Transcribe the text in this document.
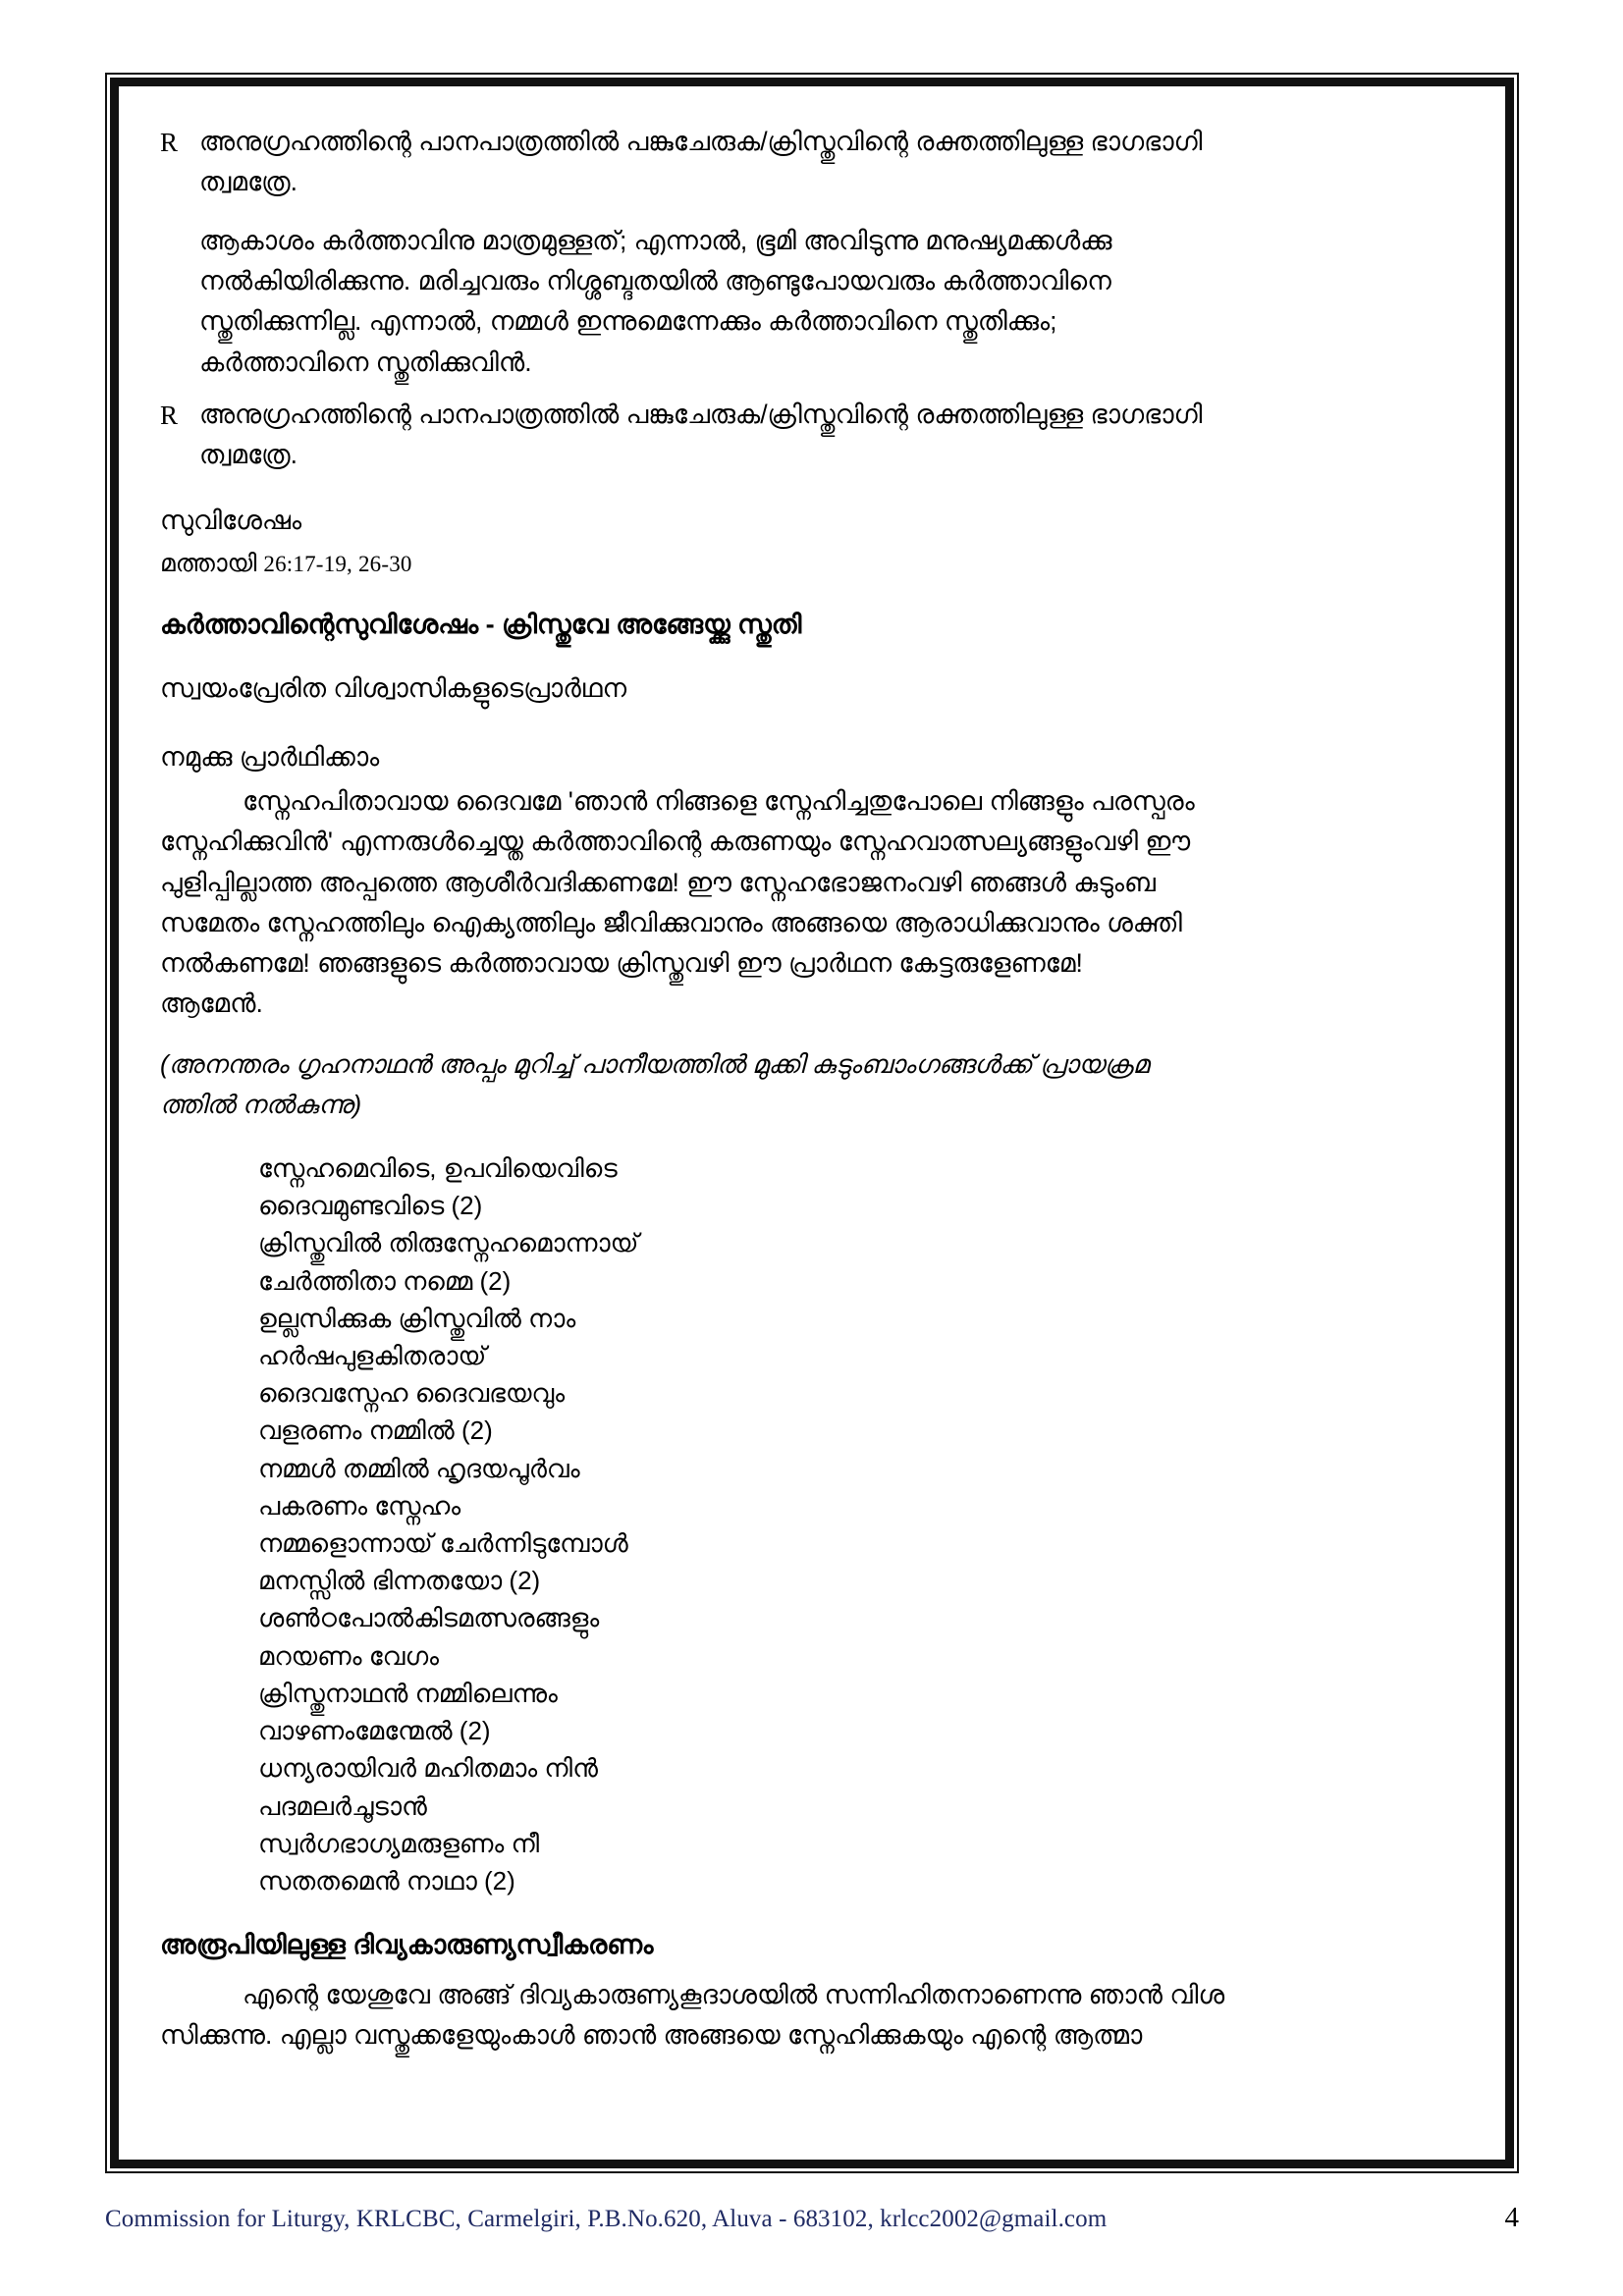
R അനുഗ്രഹത്തിന്റെ പാനപാത്രത്തില്‍ പങ്കുചേരുക/ക്രിസ്തുവിന്റെ രക്തത്തിലുള്ള ഭാഗഭാഗി
ത്വമത്രേ.
ആകാശം കര്‍ത്താവിനു മാത്രമുള്ളത്; എന്നാല്‍, ഭൂമി അവിടുന്നു മനുഷ്യമക്കള്‍ക്കു
നല്‍കിയിരിക്കുന്നു. മരിച്ചവരും നിശ്ശബ്ദതയില്‍ ആണ്ടുപോയവരും കര്‍ത്താവിനെ
സ്തുതിക്കുന്നില്ല. എന്നാല്‍, നമ്മള്‍ ഇന്നുമെന്നേക്കും കര്‍ത്താവിനെ സ്തുതിക്കും;
കര്‍ത്താവിനെ സ്തുതിക്കുവിന്‍.
R അനുഗ്രഹത്തിന്റെ പാനപാത്രത്തില്‍ പങ്കുചേരുക/ക്രിസ്തുവിന്റെ രക്തത്തിലുള്ള ഭാഗഭാഗി
ത്വമത്രേ.
സുവിശേഷം
മത്തായി 26:17-19, 26-30
കര്‍ത്താവിന്റെസുവിശേഷം - ക്രിസ്തുവേ അങ്ങേയ്ക്കു സ്തുതി
സ്വയംപ്രേരിത വിശ്വാസികളുടെപ്രാര്‍ഥന
നമുക്കു പ്രാര്‍ഥിക്കാം
സ്നേഹപിതാവായ ദൈവമേ 'ഞാന്‍ നിങ്ങളെ സ്നേഹിച്ചതുപോലെ നിങ്ങളും പരസ്പരം
സ്നേഹിക്കുവിന്‍' എന്നരുള്‍ച്ചെയ്ത കര്‍ത്താവിന്റെ കരുണയും സ്നേഹവാത്സല്യങ്ങളുംവഴി ഈ
പുളിപ്പില്ലാത്ത അപ്പത്തെ ആശീര്‍വദിക്കണമേ! ഈ സ്നേഹഭോജനംവഴി ഞങ്ങള്‍ കുടുംബ
സമേതം സ്നേഹത്തിലും ഐക്യത്തിലും ജീവിക്കുവാനും അങ്ങയെ ആരാധിക്കുവാനും ശക്തി
നല്‍കണമേ! ഞങ്ങളുടെ കര്‍ത്താവായ ക്രിസ്തുവഴി ഈ പ്രാര്‍ഥന കേട്ടരുളേണമേ!
ആമേന്‍.
(അനന്തരം ഗൃഹനാഥന്‍ അപ്പം മുറിച്ച് പാനീയത്തില്‍ മുക്കി കുടുംബാംഗങ്ങള്‍ക്ക് പ്രായക്രമ
ത്തില്‍ നല്‍കുന്നു)
സ്നേഹമെവിടെ, ഉപവിയെവിടെ
ദൈവമുണ്ടവിടെ (2)
ക്രിസ്തുവില്‍ തിരുസ്നേഹമൊന്നായ്
ചേര്‍ത്തിതാ നമ്മെ (2)
ഉല്ലസിക്കുക ക്രിസ്തുവില്‍ നാം
ഹര്‍ഷപുളകിതരായ്
ദൈവസ്നേഹ ദൈവഭയവും
വളരണം നമ്മില്‍ (2)
നമ്മള്‍ തമ്മില്‍ ഹൃദയപൂര്‍വം
പകരണം സ്നേഹം
നമ്മളൊന്നായ് ചേര്‍ന്നിടുമ്പോള്‍
മനസ്സില്‍ ഭിന്നതയോ (2)
ശണ്‍ഠപോല്‍കിടമത്സരങ്ങളും
മറയണം വേഗം
ക്രിസ്തുനാഥന്‍ നമ്മിലെന്നും
വാഴണംമേന്മേല്‍ (2)
ധന്യരായിവര്‍ മഹിതമാം നിന്‍
പദമലര്‍ചൂടാന്‍
സ്വര്‍ഗഭാഗ്യമരുളണം നീ
സതതമെന്‍ നാഥാ (2)
അരൂപിയിലുള്ള ദിവ്യകാരുണ്യസ്വീകരണം
എന്റെ യേശുവേ അങ്ങ് ദിവ്യകാരുണ്യകൂദാശയില്‍ സന്നിഹിതനാണെന്നു ഞാന്‍ വിശ
സിക്കുന്നു. എല്ലാ വസ്തുക്കളേയുംകാള്‍ ഞാന്‍ അങ്ങയെ സ്നേഹിക്കുകയും എന്റെ ആത്മാ
Commission for Liturgy, KRLCBC, Carmelgiri, P.B.No.620, Aluva - 683102, krlcc2002@gmail.com	4
